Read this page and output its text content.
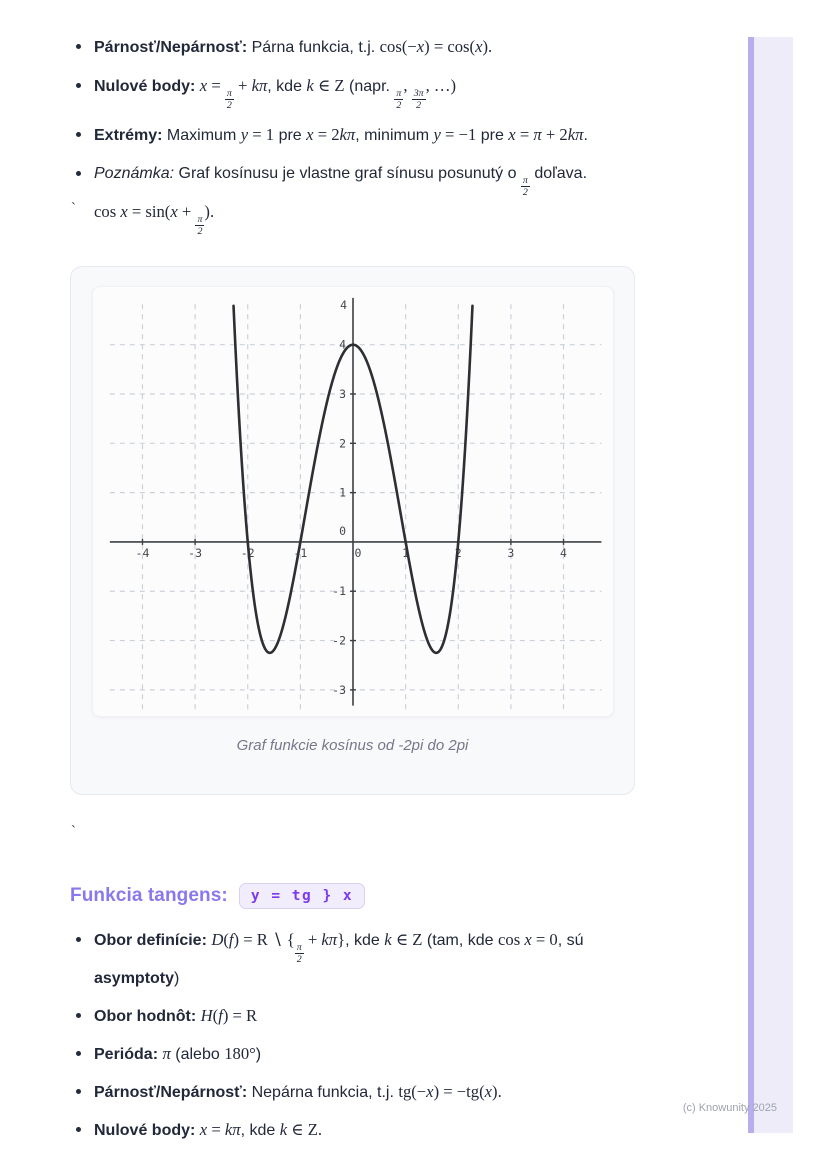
Párnosť/Nepárnosť: Párna funkcia, t.j. cos(−x) = cos(x).
Nulové body: x =
$\frac{\pi}{2}$
+ kπ, kde k ∈ Z (napr.
$\frac{\pi}{2}$
,
$\frac{3\pi}{2}$
, …)
Extrémy: Maximum y = 1 pre x = 2kπ, minimum y = −1 pre x = π + 2kπ.
Poznámka: Graf kosínusu je vlastne graf sínusu posunutý o
$\frac{\pi}{2}$
doľava.
cos x = sin(x +
$\frac{\pi}{2}$
).
`
-4	-3	-2	-1	0	1	2	3	4
-3
-2
-1
0
1
2
3
4
4
Graf funkcie kosínus od -2pi do 2pi
`
Funkcia tangens:	y = tg } x
Obor definície: D(f) = R ∖ {
$\frac{\pi}{2}$
+ kπ}, kde k ∈ Z (tam, kde cos x = 0, sú asymptoty)
Obor hodnôt: H(f) = R
Perióda: π (alebo 180°)
Párnosť/Nepárnosť: Nepárna funkcia, t.j. tg(−x) = −tg(x).
Nulové body: x = kπ, kde k ∈ Z.
(c) Knowunity 2025
